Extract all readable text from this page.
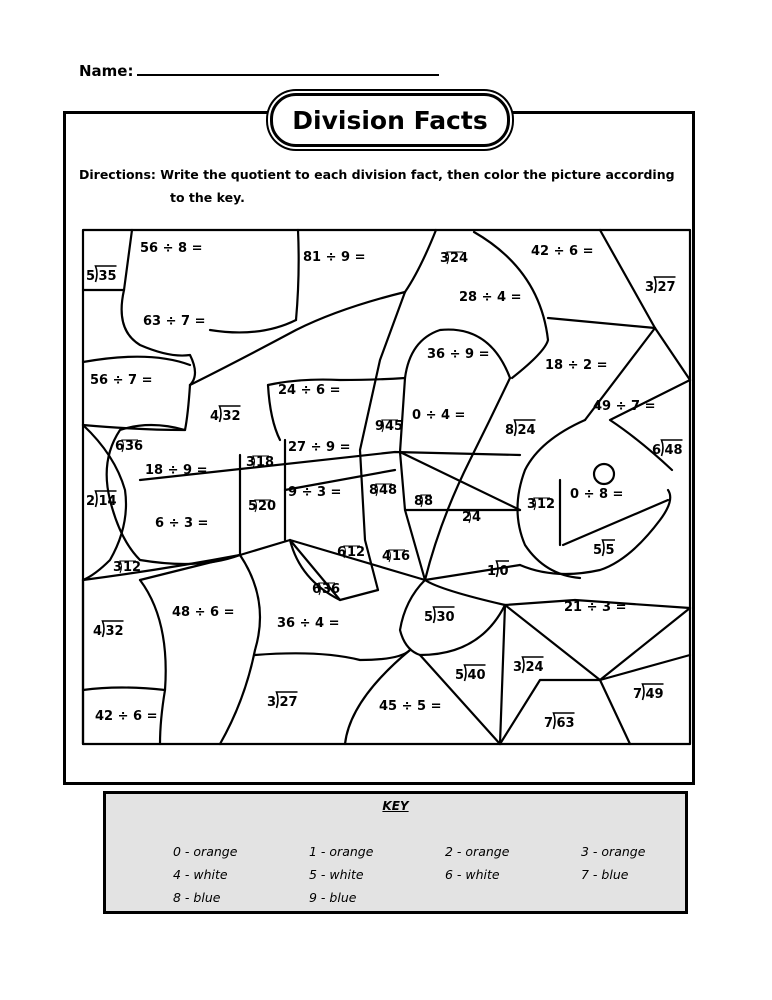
Name:
Division Facts
Directions: Write the quotient to each division fact, then color the picture according
to the key.
56 ÷ 8 =
81 ÷ 9 =	42 ÷ 6 =
28 ÷ 4 =
63 ÷ 7 =
36 ÷ 9 =
18 ÷ 2 =
56 ÷ 7 =
24 ÷ 6 =
0 ÷ 4 =
49 ÷ 7 =
27 ÷ 9 =
18 ÷ 9 =
9 ÷ 3 =	0 ÷ 8 =
6 ÷ 3 =
48 ÷ 6 =
36 ÷ 4 =
21 ÷ 3 =
45 ÷ 5 =
42 ÷ 6 =
5 35
3 24
3 27
4 32
9 45	8 24
6 36
3 18
6 48
2 14	5 20
8 48
8 8
2 4
3 12
5 5
6 12 4 16
3 12
6 36
1 0
4 32
5 30
5 40
3 24
3 27
7 49
7 63
KEY
0 - orange	1 - orange	2 - orange	3 - orange
4 - white	5 - white	6 - white	7 - blue
8 - blue	9 - blue
